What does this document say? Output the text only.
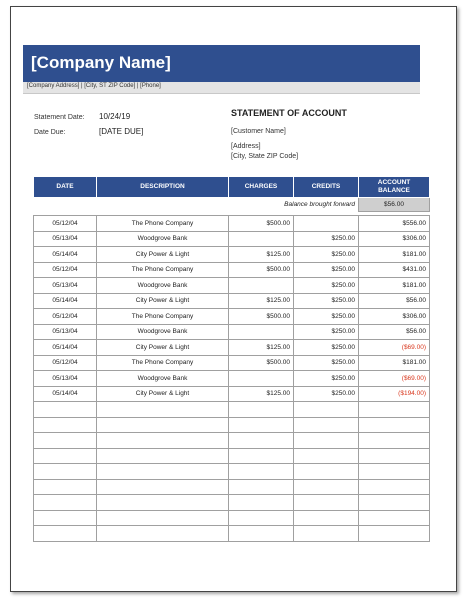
[Company Name]
[Company Address] | [City, ST ZIP Code] | [Phone]
Statement Date: 10/24/19
Date Due:	[DATE DUE]
STATEMENT OF ACCOUNT
[Customer Name]
[Address]
[City, State ZIP Code]
DATE	DESCRIPTION	CHARGES	CREDITS	ACCOUNT BALANCE
Balance brought forward				$56.00

05/12/04	The Phone Company	$500.00		$556.00
05/13/04	Woodgrove Bank		$250.00	$306.00
05/14/04	City Power & Light	$125.00	$250.00	$181.00
05/12/04	The Phone Company	$500.00	$250.00	$431.00
05/13/04	Woodgrove Bank		$250.00	$181.00
05/14/04	City Power & Light	$125.00	$250.00	$56.00
05/12/04	The Phone Company	$500.00	$250.00	$306.00
05/13/04	Woodgrove Bank		$250.00	$56.00
05/14/04	City Power & Light	$125.00	$250.00	($69.00)
05/12/04	The Phone Company	$500.00	$250.00	$181.00
05/13/04	Woodgrove Bank		$250.00	($69.00)
05/14/04	City Power & Light	$125.00	$250.00	($194.00)
